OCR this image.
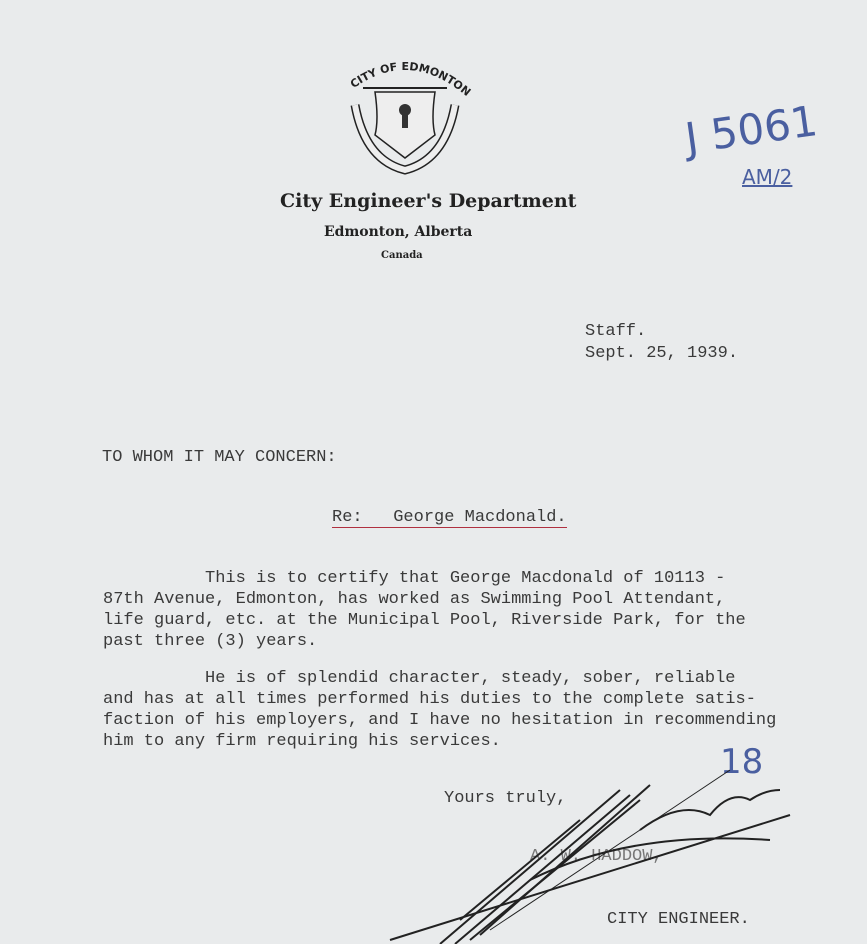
CITY OF EDMONTON
City Engineer's Department
Edmonton, Alberta
Canada
J 5061
AM/2
Staff.
Sept. 25, 1939.
TO WHOM IT MAY CONCERN:
Re:   George Macdonald.
This is to certify that George Macdonald of 10113 -
87th Avenue, Edmonton, has worked as Swimming Pool Attendant,
life guard, etc. at the Municipal Pool, Riverside Park, for the
past three (3) years.
He is of splendid character, steady, sober, reliable
and has at all times performed his duties to the complete satis-
faction of his employers, and I have no hesitation in recommending
him to any firm requiring his services.
18
Yours truly,
A. W. HADDOW,
CITY ENGINEER.
